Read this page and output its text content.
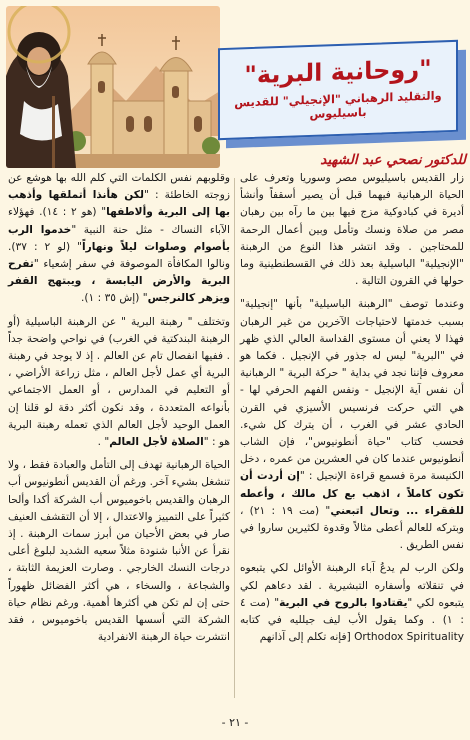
"روحانية البرية"
والتقليد الرهباني "الإنجيلي" للقديس باسيليوس
للدكتور نصحي عبد الشهيد

زار القديس باسيليوس مصر وسوريا وتعرف على الحياة الرهبانية فيهما قبل أن يصير أسقفاً وأنشأ أديرة في كبادوكية مزج فيها بين ما رآه بين رهبان مصر من صلاة ونسك وتأمل وبين أعمال الرحمة للمحتاجين . وقد انتشر هذا النوع من الرهبنة "الإنجيلية" الباسيلية بعد ذلك في القسطنطينية وما حولها في القرون التالية .

وعندما توصف "الرهبنة الباسيلية" بأنها "إنجيلية" بسبب خدمتها لاحتياجات الآخرين من غير الرهبان فهذا لا يعني أن مستوى القداسة العالي الذي ظهر في "البرية" ليس له جذور في الإنجيل . فكما هو معروف فإننا نجد في بداية " حركة البرية " الرهبانية أن نفس آية الإنجيل - ونفس الفهم الحرفي لها - هي التي حركت فرنسيس الأسيزي في القرن الحادي عشر في الغرب ، أن يترك كل شيء. فحسب كتاب "حياة أنطونيوس"، فإن الشاب أنطونيوس عندما كان في العشرين من عمره ، دخل الكنيسة مرة فسمع قراءة الإنجيل : "إن أردت أن تكون كاملاً ، اذهب بع كل مالك ، وأعطه للفقراء ... وتعال اتبعني" (مت ١٩ : ٢١) ، وبتركه للعالم أعطى مثالاً وقدوة لكثيرين ساروا في نفس الطريق .

ولكن الرب لم يدعُ آباء الرهبنة الأوائل لكي يتبعوه في تنقلاته وأسفاره التبشيرية . لقد دعاهم لكي يتبعوه لكي "يقتادوا بالروح في البرية" (مت ٤ : ١) . وكما يقول الأب ليف جيلليه في كتابه Orthodox Spirituality [فإنه تكلم إلى آذانهم

وقلوبهم نفس الكلمات التي كلم الله بها هوشع عن زوجته الخاطئة : "لكن هأنذا أتملقها وأذهب بها إلى البرية وألاطفها" (هو ٢ : ١٤). فهؤلاء الآباء النساك - مثل حنة النبية "خدموا الرب بأصوام وصلوات ليلاً ونهاراً" (لو ٢ : ٣٧). ونالوا المكافأة الموصوفة في سفر إشعياء "تفرح البرية والأرض اليابسة ، ويبتهج القفر ويزهر كالنرجس" (إش ٣٥ : ١).

وتختلف " رهبنة البرية " عن الرهبنة الباسيلية (أو الرهبنة البندكتية في الغرب) في نواحي واضحة جداً . ففيها انفصال تام عن العالم . إذ لا يوجد في رهبنة البرية أي عمل لأجل العالم ، مثل زراعة الأراضي ، أو التعليم في المدارس ، أو العمل الاجتماعي بأنواعه المتعددة ، وقد نكون أكثر دقة لو قلنا إن العمل الوحيد لأجل العالم الذي تعمله رهبنة البرية هو : "الصلاة لأجل العالم" .

الحياة الرهبانية تهدف إلى التأمل والعبادة فقط ، ولا تنشغل بشيء آخر. ورغم أن القديس أنطونيوس أب الرهبان والقديس باخوميوس أب الشركة أكدا وألحا كثيراً على التمييز والاعتدال ، إلا أن التقشف العنيف صار في بعض الأحيان من أبرز سمات الرهبنة . إذ نقرأ عن الأنبا شنودة مثلاً سعيه الشديد لبلوغ أعلى درجات النسك الخارجي . وصارت العزيمة الثابتة ، والشجاعة ، والسخاء ، هي أكثر الفضائل ظهوراً حتى إن لم تكن هي أكثرها أهمية. ورغم نظام حياة الشركة التي أسسها القديس باخوميوس ، فقد انتشرت حياة الرهبنة الانفرادية

- ٢١ -
